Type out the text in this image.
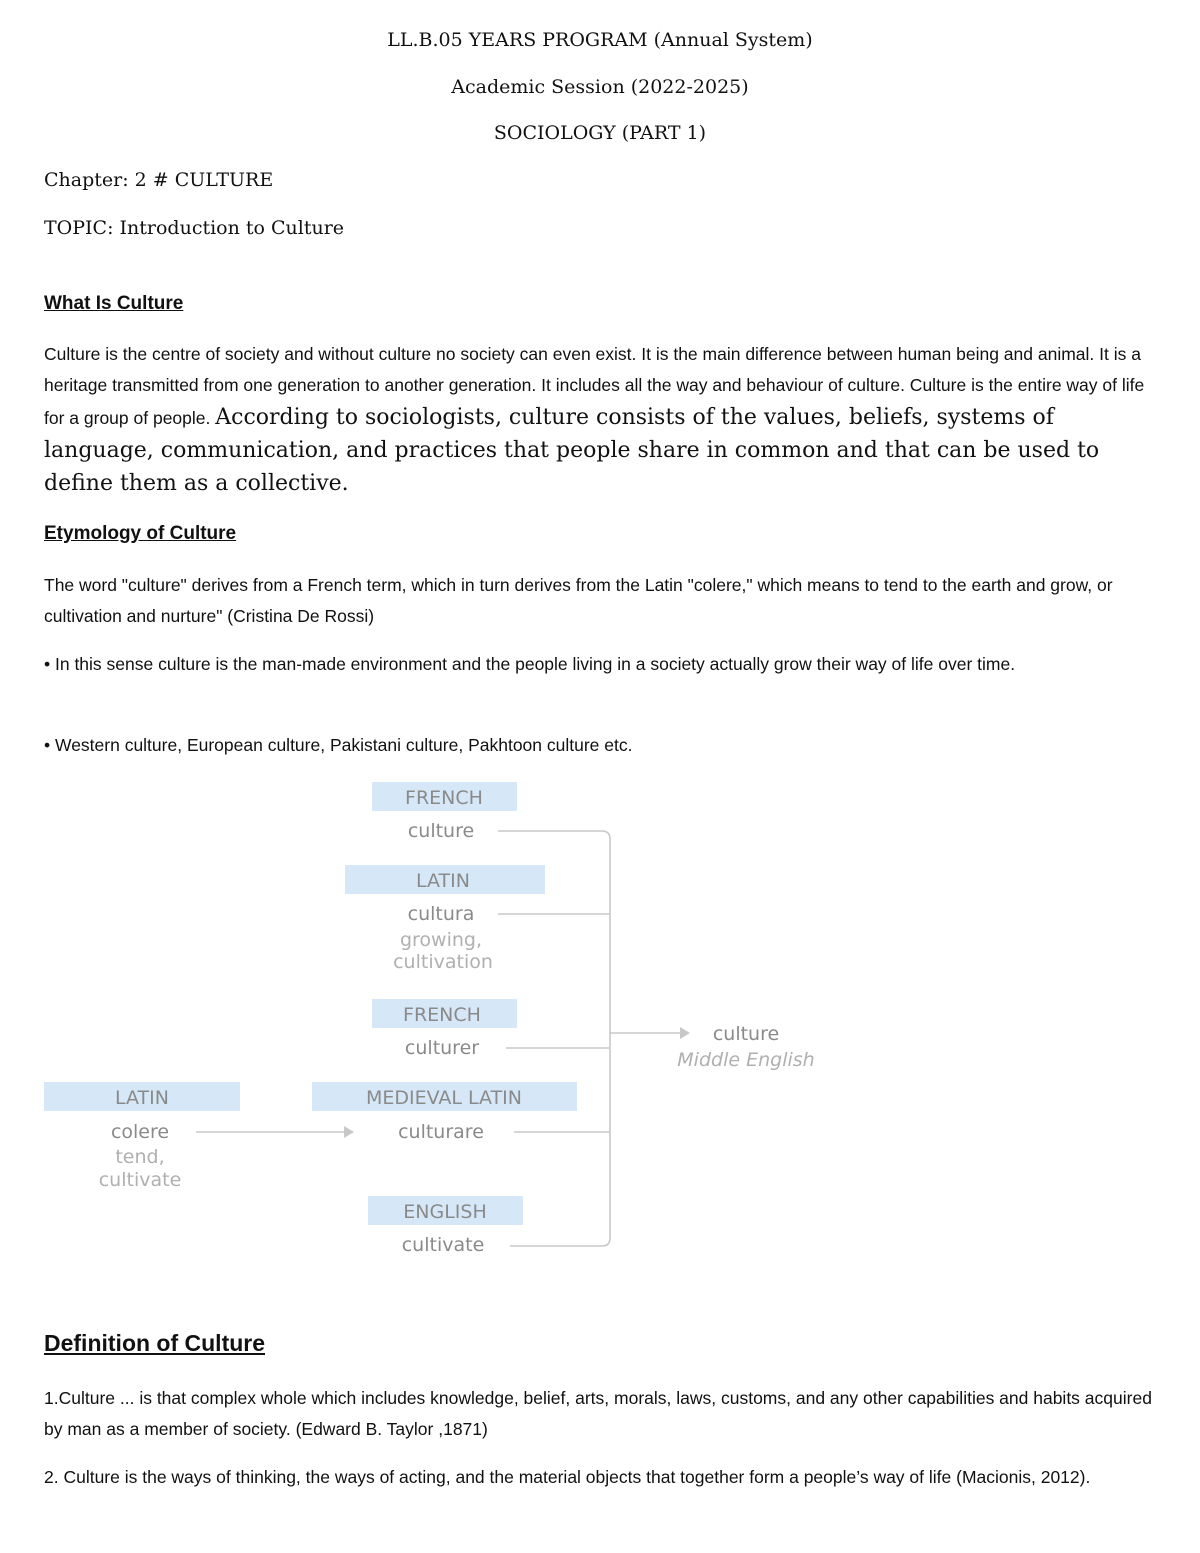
LL.B.05 YEARS PROGRAM (Annual System)
Academic Session (2022-2025)
SOCIOLOGY (PART 1)
Chapter: 2 # CULTURE
TOPIC: Introduction to Culture
What Is Culture
Culture is the centre of society and without culture no society can even exist. It is the main difference between human being and animal. It is a heritage transmitted from one generation to another generation. It includes all the way and behaviour of culture. Culture is the entire way of life for a group of people. According to sociologists, culture consists of the values, beliefs, systems of language, communication, and practices that people share in common and that can be used to define them as a collective.
Etymology of Culture
The word "culture" derives from a French term, which in turn derives from the Latin "colere," which means to tend to the earth and grow, or cultivation and nurture" (Cristina De Rossi)
• In this sense culture is the man-made environment and the people living in a society actually grow their way of life over time.
• Western culture, European culture, Pakistani culture, Pakhtoon culture etc.
FRENCH
culture
LATIN
cultura
growing,
cultivation
FRENCH
culturer
LATIN
colere
tend,
cultivate
MEDIEVAL LATIN
culturare
ENGLISH
cultivate
culture
Middle English
Definition of Culture
1.Culture ... is that complex whole which includes knowledge, belief, arts, morals, laws, customs, and any other capabilities and habits acquired by man as a member of society. (Edward B. Taylor ,1871)
2. Culture is the ways of thinking, the ways of acting, and the material objects that together form a people’s way of life (Macionis, 2012).
